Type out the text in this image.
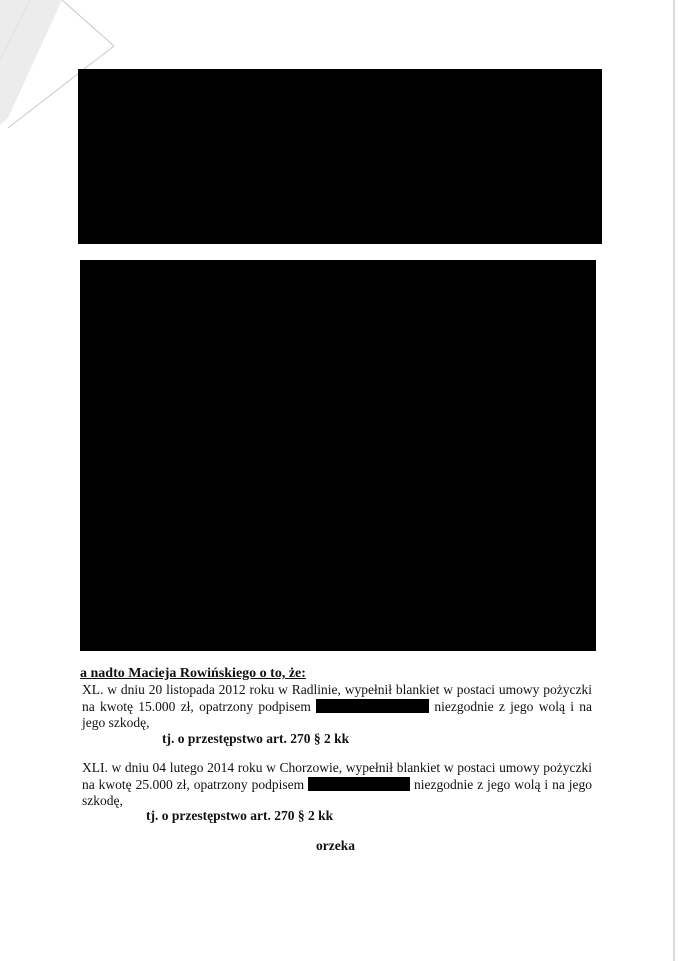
a nadto Macieja Rowińskiego o to, że:
XL. w dniu 20 listopada 2012 roku w Radlinie, wypełnił blankiet w postaci umowy pożyczki na kwotę 15.000 zł, opatrzony podpisem	niezgodnie z jego wolą i na jego szkodę,
tj. o przestępstwo art. 270 § 2 kk
XLI. w dniu 04 lutego 2014 roku w Chorzowie, wypełnił blankiet w postaci umowy pożyczki na kwotę 25.000 zł, opatrzony podpisem	niezgodnie z jego wolą i na jego szkodę,
tj. o przestępstwo art. 270 § 2 kk
orzeka
